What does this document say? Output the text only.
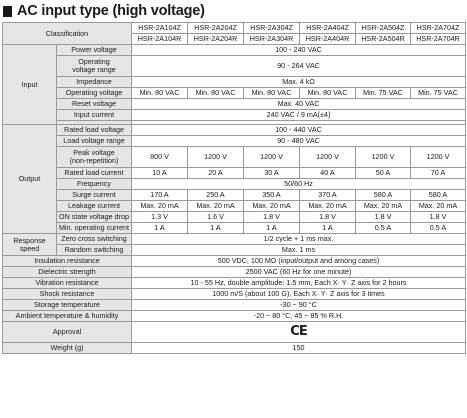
AC input type (high voltage)
Classification		HSR-2A104Z	HSR-2A204Z	HSR-2A304Z	HSR-2A404Z	HSR-2A504Z	HSR-2A704Z
		HSR-2A104R	HSR-2A204R	HSR-2A304R	HSR-2A404R	HSR-2A504R	HSR-2A704R
Input	Power voltage	100 - 240 VAC					

	Operating
voltage range	90 - 264 VAC					
	Impedance	Max. 4 kΩ					
	Operating voltage	Min. 80 VAC	Min. 80 VAC	Min. 80 VAC	Min. 80 VAC	Min. 75 VAC	Min. 75 VAC
	Reset voltage	Max. 40 VAC					
	Input current	240 VAC / 9 mA(±4)					

Output	Rated load voltage	100 - 440 VAC					
	Load voltage range	90 - 480 VAC					

	Peak voltage
(non-repetition)	800 V	1200 V	1200 V	1200 V	1200 V	1200 V
	Rated load current	10 A	20 A	30 A	40 A	50 A	70 A
	Frequency	50/60 Hz					
	Surge current	170 A	250 A	350 A	370 A	580 A	580 A
	Leakage current	Max. 20 mA	Max. 20 mA	Max. 20 mA	Max. 20 mA	Max. 20 mA	Max. 20 mA
	ON state voltage drop	1.3 V	1.6 V	1.8 V	1.8 V	1.8 V	1.8 V
	Min. operating current	1 A	1 A	1 A	1 A	0.5 A	0.5 A

Response
speed	Zero cross switching	1/2 cycle + 1 ms max.					
	Random switching	Max. 1 ms					
Insulation resistance		500 VDC, 100 MΩ (input/output and among cases)					
Dielectric strength		2500 VAC (60 Hz for one minute)					
Vibration resistance		10 - 55 Hz, double amplitude: 1.5 mm, Each X· Y· Z axis for 2 hours					
Shock resistance		1000 m/S (about 100 G), Each X· Y· Z axis for 3 times					
Storage temperature		-30 ~ 90 °C					
Ambient temperature & humidity		-20 ~ 80 °C, 45 ~ 85 % R.H.					
Approval		CE					
Weight (g)		150					
